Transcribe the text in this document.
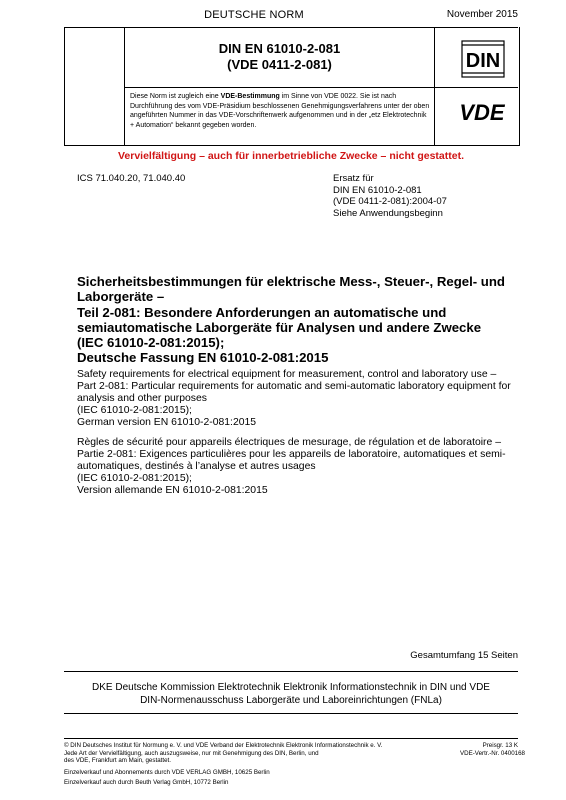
DEUTSCHE NORM	November 2015
DIN EN 61010-2-081
(VDE 0411-2-081)	DIN
Diese Norm ist zugleich eine VDE-Bestimmung im Sinne von VDE 0022. Sie ist nach Durchführung des vom VDE-Präsidium beschlossenen Genehmigungsverfahrens unter der oben angeführten Nummer in das VDE-Vorschriftenwerk aufgenommen und in der „etz Elektrotechnik + Automation“ bekannt gegeben worden.	VDE
Vervielfältigung – auch für innerbetriebliche Zwecke – nicht gestattet.
ICS 71.040.20, 71.040.40	Ersatz für
DIN EN 61010-2-081
(VDE 0411-2-081):2004-07
Siehe Anwendungsbeginn
Sicherheitsbestimmungen für elektrische Mess-, Steuer-, Regel- und
Laborgeräte –
Teil 2-081: Besondere Anforderungen an automatische und
semiautomatische Laborgeräte für Analysen und andere Zwecke
(IEC 61010-2-081:2015);
Deutsche Fassung EN 61010-2-081:2015
Safety requirements for electrical equipment for measurement, control and laboratory use –
Part 2-081: Particular requirements for automatic and semi-automatic laboratory equipment for
analysis and other purposes
(IEC 61010-2-081:2015);
German version EN 61010-2-081:2015
Règles de sécurité pour appareils électriques de mesurage, de régulation et de laboratoire –
Partie 2-081: Exigences particulières pour les appareils de laboratoire, automatiques et semi-
automatiques, destinés à l’analyse et autres usages
(IEC 61010-2-081:2015);
Version allemande EN 61010-2-081:2015
Gesamtumfang 15 Seiten
DKE Deutsche Kommission Elektrotechnik Elektronik Informationstechnik in DIN und VDE
DIN-Normenausschuss Laborgeräte und Laboreinrichtungen (FNLa)
© DIN Deutsches Institut für Normung e. V. und VDE Verband der Elektrotechnik Elektronik Informationstechnik e. V.
Jede Art der Vervielfältigung, auch auszugsweise, nur mit Genehmigung des DIN, Berlin, und
des VDE, Frankfurt am Main, gestattet.
Preisgr. 13 K
VDE-Vertr.-Nr. 0400168
Einzelverkauf und Abonnements durch VDE VERLAG GMBH, 10625 Berlin
Einzelverkauf auch durch Beuth Verlag GmbH, 10772 Berlin
